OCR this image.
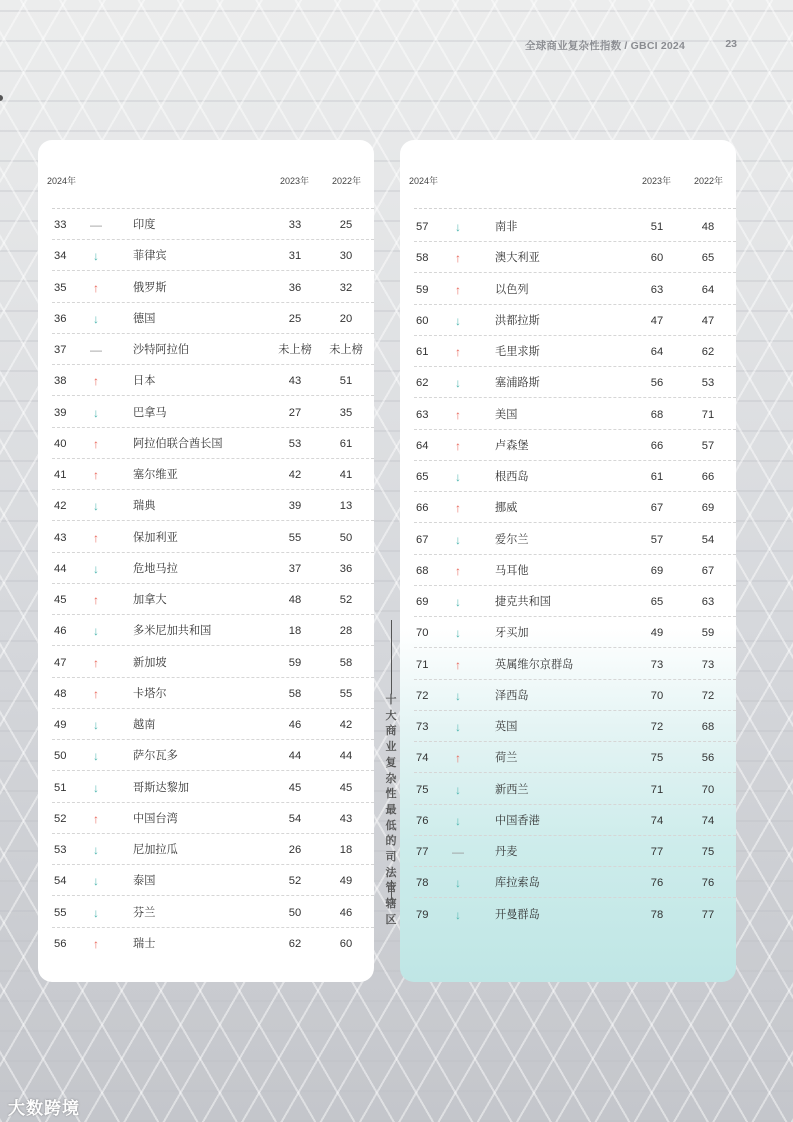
全球商业复杂性指数 / GBCI 2024	23
2024年	2023年	2022年
33 —	印度	33	25
34 ↓	菲律宾	31	30
35 ↑	俄罗斯	36	32
36 ↓	德国	25	20
37 —	沙特阿拉伯	未上榜 未上榜
38 ↑	日本	43	51
39 ↓	巴拿马	27	35
40 ↑	阿拉伯联合酋长国	53	61
41 ↑	塞尔维亚	42	41
42 ↓	瑞典	39	13
43 ↑	保加利亚	55	50
44 ↓	危地马拉	37	36
45 ↑	加拿大	48	52
46 ↓	多米尼加共和国	18	28
47 ↑	新加坡	59	58
48 ↑	卡塔尔	58	55
49 ↓	越南	46	42
50 ↓	萨尔瓦多	44	44
51 ↓	哥斯达黎加	45	45
52 ↑	中国台湾	54	43
53 ↓	尼加拉瓜	26	18
54 ↓	泰国	52	49
55 ↓	芬兰	50	46
56 ↑	瑞士	62	60
2024年	2023年	2022年
57 ↓	南非	51	48
58 ↑	澳大利亚	60	65
59 ↑	以色列	63	64
60 ↓	洪都拉斯	47	47
61 ↑	毛里求斯	64	62
62 ↓	塞浦路斯	56	53
63 ↑	美国	68	71
64 ↑	卢森堡	66	57
65 ↓	根西岛	61	66
66 ↑	挪威	67	69
67 ↓	爱尔兰	57	54
68 ↑	马耳他	69	67
69 ↓	捷克共和国	65	63
70 ↓	牙买加	49	59
71 ↑	英属维尔京群岛	73	73
72 ↓	泽西岛	70	72
73 ↓	英国	72	68
74 ↑	荷兰	75	56
75 ↓	新西兰	71	70
76 ↓	中国香港	74	74
77 —	丹麦	77	75
78 ↓	库拉索岛	76	76
79 ↓	开曼群岛	78	77
十大商业复杂性最低的司法管辖区
大数跨境
